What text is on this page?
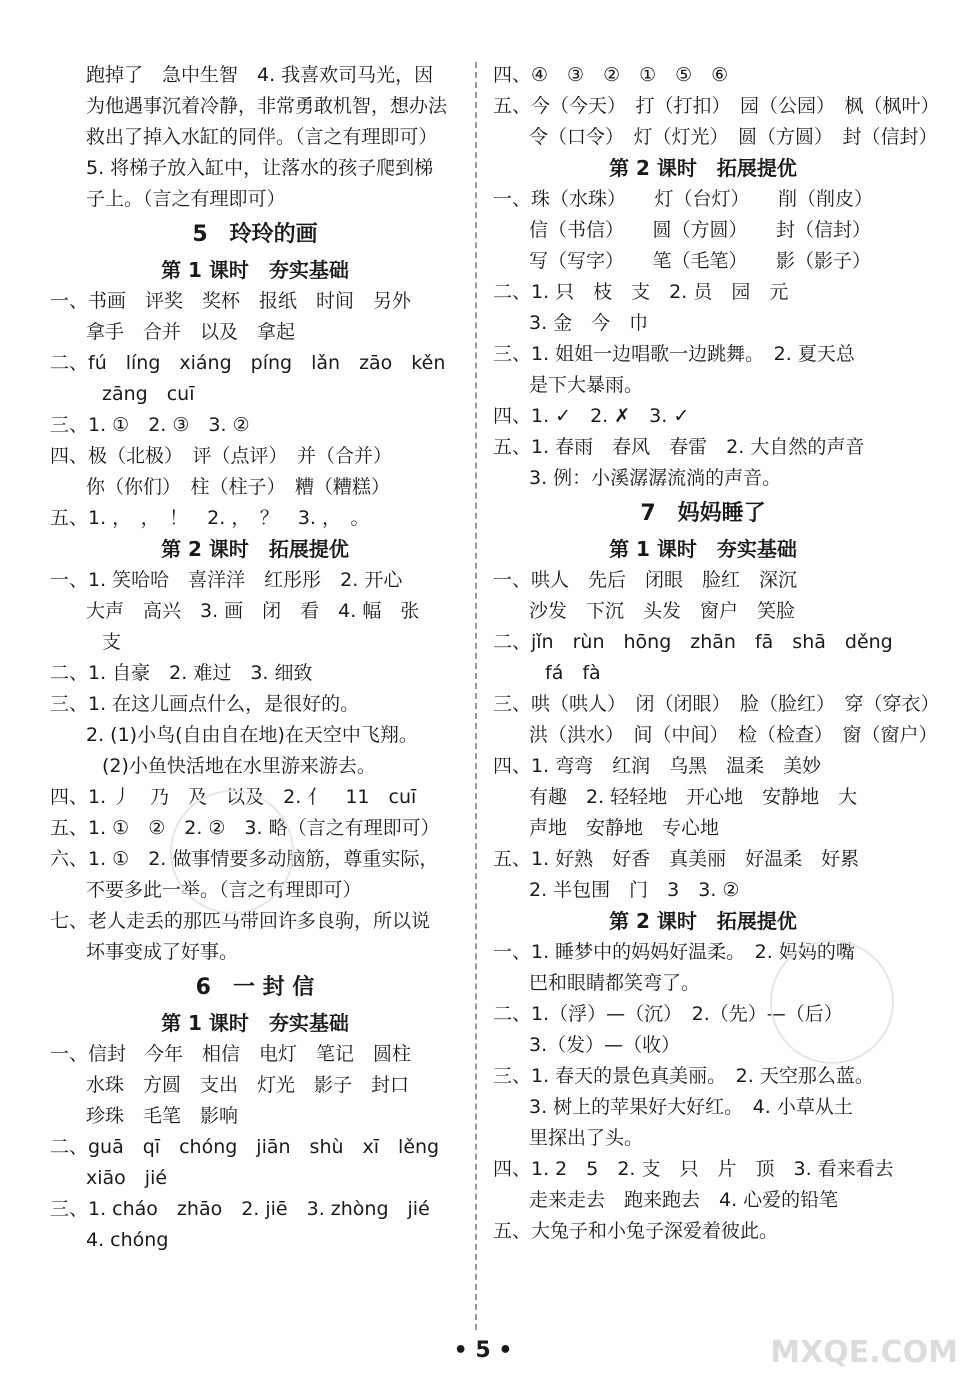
跑掉了　急中生智　4. 我喜欢司马光，因
为他遇事沉着冷静，非常勇敢机智，想办法
救出了掉入水缸的同伴。（言之有理即可）
5. 将梯子放入缸中，让落水的孩子爬到梯
子上。（言之有理即可）
5　玲玲的画
第 1 课时　夯实基础
一、书画　评奖　奖杯　报纸　时间　另外
拿手　合并　以及　拿起
二、fú　líng　xiáng　píng　lǎn　zāo　kěn
zāng　cuī
三、1. ①　2. ③　3. ②
四、极（北极）　评（点评）　并（合并）
你（你们）　柱（柱子）　糟（糟糕）
五、1. ，　，　！　2. ，　？　3. ，　。
第 2 课时　拓展提优
一、1. 笑哈哈　喜洋洋　红彤彤　2. 开心
大声　高兴　3. 画　闭　看　4. 幅　张
支
二、1. 自豪　2. 难过　3. 细致
三、1. 在这儿画点什么，是很好的。
2. (1)小鸟(自由自在地)在天空中飞翔。
(2)小鱼快活地在水里游来游去。
四、1. 丿　乃　及　以及　2. 亻　11　cuī
五、1. ①　②　2. ②　3. 略（言之有理即可）
六、1. ①　2. 做事情要多动脑筋，尊重实际，
不要多此一举。（言之有理即可）
七、老人走丢的那匹马带回许多良驹，所以说
坏事变成了好事。
6　一 封 信
第 1 课时　夯实基础
一、信封　今年　相信　电灯　笔记　圆柱
水珠　方圆　支出　灯光　影子　封口
珍珠　毛笔　影响
二、guā　qī　chóng　jiān　shù　xī　lěng
xiāo　jié
三、1. cháo　zhāo　2. jiē　3. zhòng　jié
4. chóng
四、④　③　②　①　⑤　⑥
五、今（今天）　打（打扣）　园（公园）　枫（枫叶）
令（口令）　灯（灯光）　圆（方圆）　封（信封）
第 2 课时　拓展提优
一、珠（水珠）　　灯（台灯）　　削（削皮）
信（书信）　　圆（方圆）　　封（信封）
写（写字）　　笔（毛笔）　　影（影子）
二、1. 只　枝　支　2. 员　园　元
3. 金　今　巾
三、1. 姐姐一边唱歌一边跳舞。　2. 夏天总
是下大暴雨。
四、1. ✓　2. ✗　3. ✓
五、1. 春雨　春风　春雷　2. 大自然的声音
3. 例：小溪潺潺流淌的声音。
7　妈妈睡了
第 1 课时　夯实基础
一、哄人　先后　闭眼　脸红　深沉
沙发　下沉　头发　窗户　笑脸
二、jǐn　rùn　hōng　zhān　fā　shā　děng
fá　fà
三、哄（哄人）　闭（闭眼）　脸（脸红）　穿（穿衣）
洪（洪水）　间（中间）　检（检查）　窗（窗户）
四、1. 弯弯　红润　乌黑　温柔　美妙
有趣　2. 轻轻地　开心地　安静地　大
声地　安静地　专心地
五、1. 好熟　好香　真美丽　好温柔　好累
2. 半包围　门　3　3. ②
第 2 课时　拓展提优
一、1. 睡梦中的妈妈好温柔。　2. 妈妈的嘴
巴和眼睛都笑弯了。
二、1.（浮）—（沉）　2.（先）—（后）
3.（发）—（收）
三、1. 春天的景色真美丽。　2. 天空那么蓝。
3. 树上的苹果好大好红。　4. 小草从土
里探出了头。
四、1. 2　5　2. 支　只　片　顶　3. 看来看去
走来走去　跑来跑去　4. 心爱的铅笔
五、大兔子和小兔子深爱着彼此。
• 5 •	MXQE.COM
